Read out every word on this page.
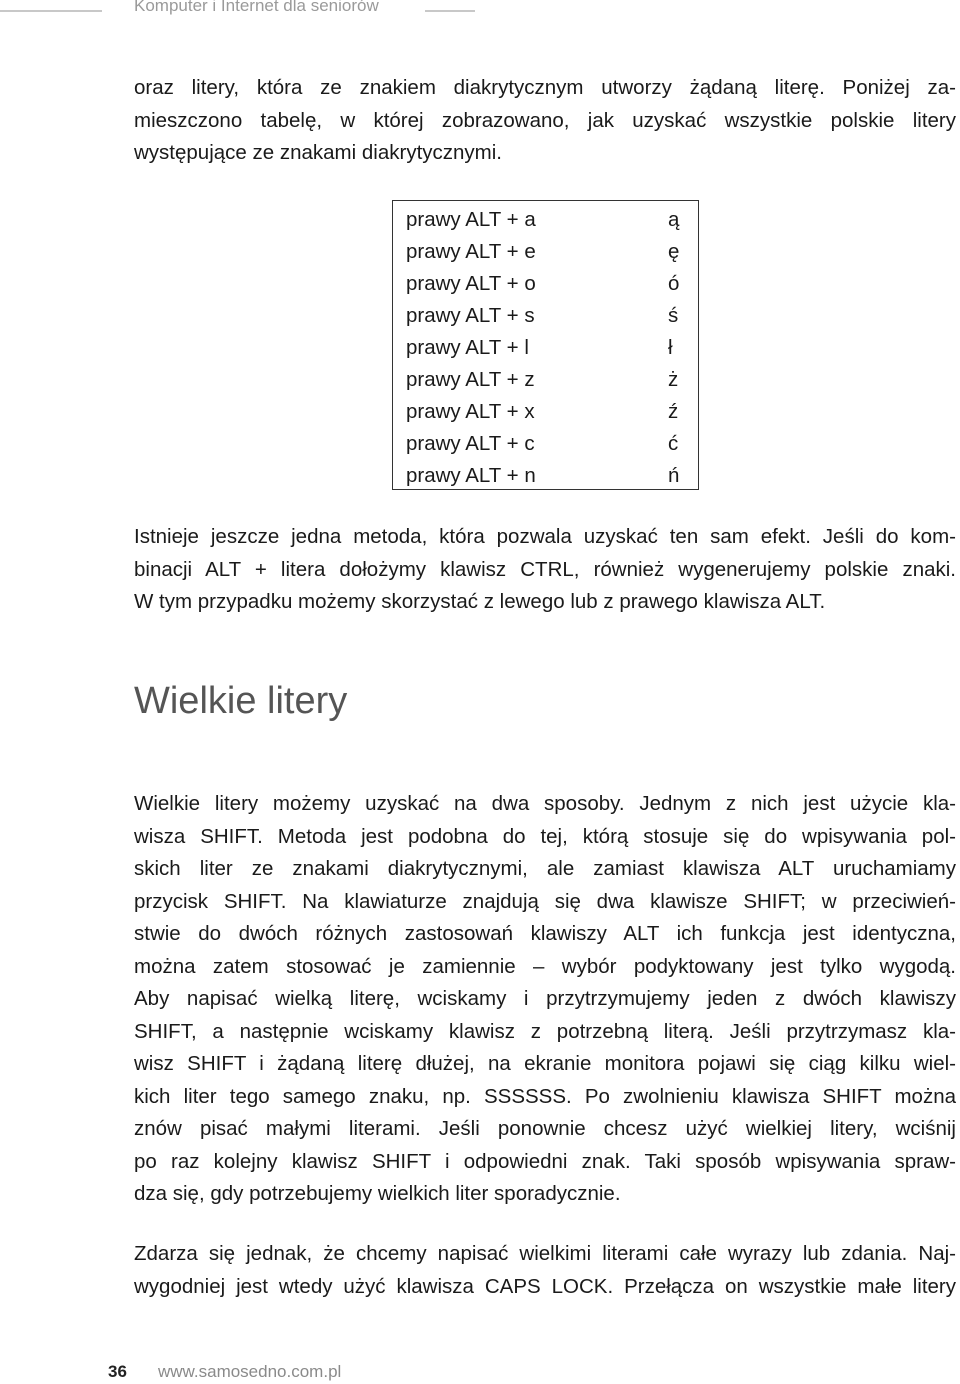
Komputer i Internet dla seniorów

oraz litery, która ze znakiem diakrytycznym utworzy żądaną literę. Poniżej za-
mieszczono tabelę, w której zobrazowano, jak uzyskać wszystkie polskie litery
występujące ze znakami diakrytycznymi.

prawy ALT + a	ą
prawy ALT + e	ę
prawy ALT + o	ó
prawy ALT + s	ś
prawy ALT + l	ł
prawy ALT + z	ż
prawy ALT + x	ź
prawy ALT + c	ć
prawy ALT + n	ń

Istnieje jeszcze jedna metoda, która pozwala uzyskać ten sam efekt. Jeśli do kom-
binacji ALT + litera dołożymy klawisz CTRL, również wygenerujemy polskie znaki.
W tym przypadku możemy skorzystać z lewego lub z prawego klawisza ALT.

Wielkie litery

Wielkie litery możemy uzyskać na dwa sposoby. Jednym z nich jest użycie kla-
wisza SHIFT. Metoda jest podobna do tej, którą stosuje się do wpisywania pol-
skich liter ze znakami diakrytycznymi, ale zamiast klawisza ALT uruchamiamy
przycisk SHIFT. Na klawiaturze znajdują się dwa klawisze SHIFT; w przeciwień-
stwie do dwóch różnych zastosowań klawiszy ALT ich funkcja jest identyczna,
można zatem stosować je zamiennie – wybór podyktowany jest tylko wygodą.
Aby napisać wielką literę, wciskamy i przytrzymujemy jeden z dwóch klawiszy
SHIFT, a następnie wciskamy klawisz z potrzebną literą. Jeśli przytrzymasz kla-
wisz SHIFT i żądaną literę dłużej, na ekranie monitora pojawi się ciąg kilku wiel-
kich liter tego samego znaku, np. SSSSSS. Po zwolnieniu klawisza SHIFT można
znów pisać małymi literami. Jeśli ponownie chcesz użyć wielkiej litery, wciśnij
po raz kolejny klawisz SHIFT i odpowiedni znak. Taki sposób wpisywania spraw-
dza się, gdy potrzebujemy wielkich liter sporadycznie.

Zdarza się jednak, że chcemy napisać wielkimi literami całe wyrazy lub zdania. Naj-
wygodniej jest wtedy użyć klawisza CAPS LOCK. Przełącza on wszystkie małe litery

36 www.samosedno.com.pl
